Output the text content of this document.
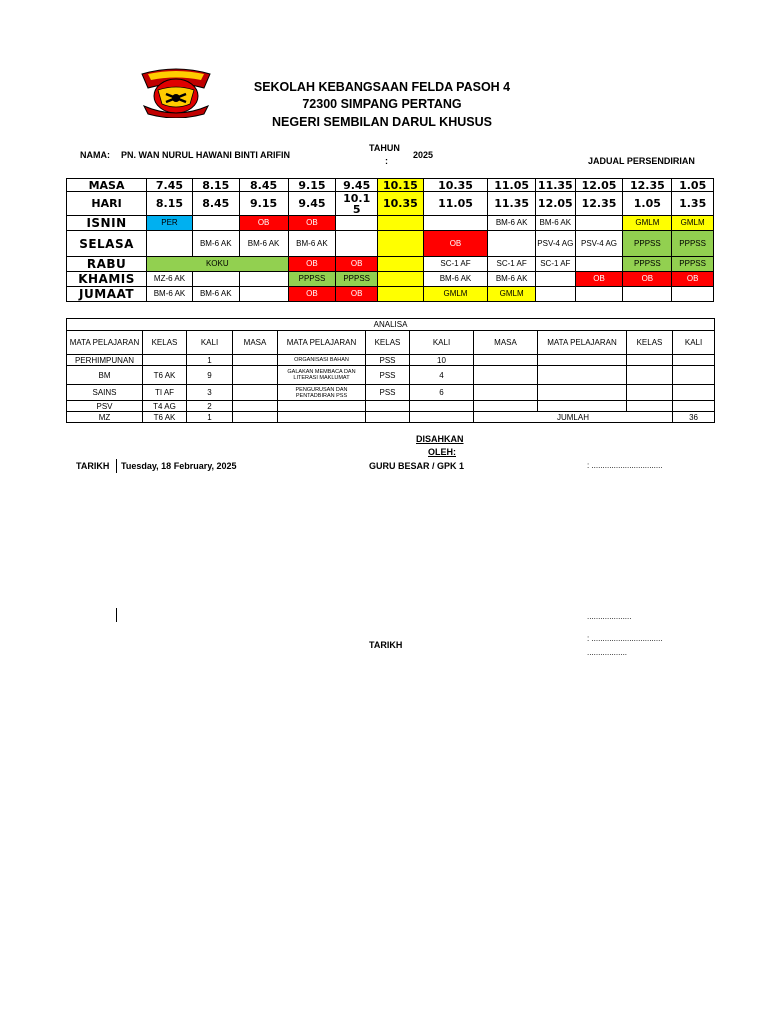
SEKOLAH KEBANGSAAN FELDA PASOH 4
72300 SIMPANG PERTANG
NEGERI SEMBILAN DARUL KHUSUS
NAMA: PN. WAN NURUL HAWANI BINTI ARIFIN
TAHUN
:
2025
JADUAL PERSENDIRIAN
MASA	7.45	8.15	8.45	9.15	9.45	10.15	10.35	11.05	11.35	12.05	12.35	1.05
HARI	8.15	8.45	9.15	9.45	10.1 5	10.35	11.05	11.35	12.05	12.35	1.05	1.35
ISNIN	PER		OB	OB				BM-6 AK	BM-6 AK		GMLM	GMLM
SELASA		BM-6 AK	BM-6 AK	BM-6 AK			OB		PSV-4 AG	PSV-4 AG	PPPSS	PPPSS
RABU	KOKU			OB	OB		SC-1 AF	SC-1 AF	SC-1 AF		PPPSS	PPPSS
KHAMIS	MZ-6 AK			PPPSS	PPPSS		BM-6 AK	BM-6 AK		OB	OB	OB
JUMAAT	BM-6 AK	BM-6 AK		OB	OB		GMLM	GMLM				
ANALISA										
MATA PELAJARAN	KELAS	KALI	MASA	MATA PELAJARAN	KELAS	KALI	MASA	MATA PELAJARAN	KELAS	KALI
PERHIMPUNAN		1		ORGANISASI BAHAN	PSS	10				
BM	T6 AK	9		GALAKAN MEMBACA DAN LITERASI MAKLUMAT	PSS	4				
SAINS	TI AF	3		PENGURUSAN DAN PENTADBIRAN PSS	PSS	6				
PSV	T4 AG	2								
MZ	T6 AK	1					JUMLAH			36
DISAHKAN
OLEH:
TARIKH Tuesday, 18 February, 2025	GURU BESAR / GPK 1	: ................................
....................
: ................................
TARIKH
..................
